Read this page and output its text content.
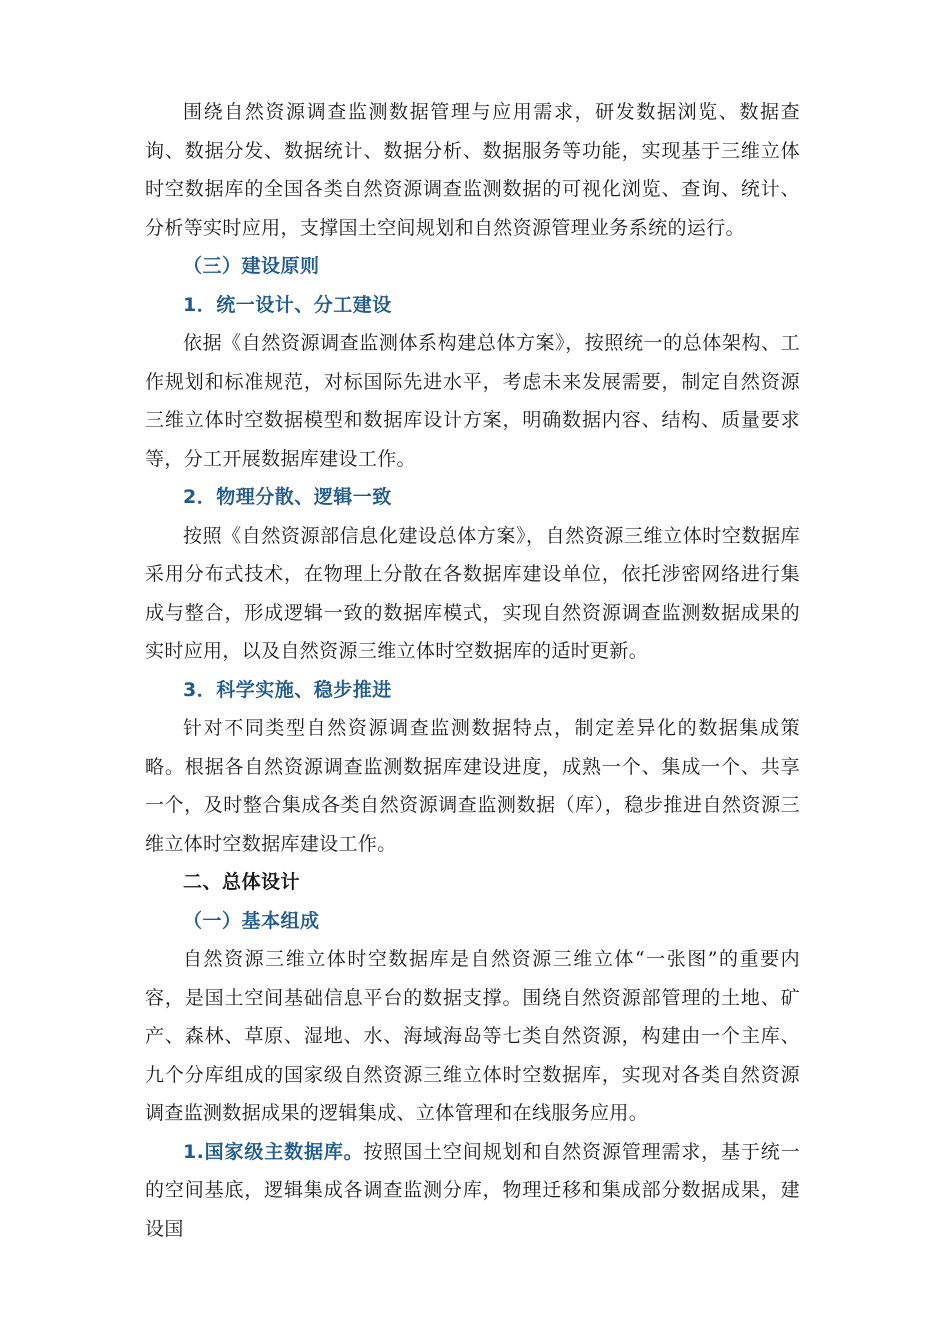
围绕自然资源调查监测数据管理与应用需求，研发数据浏览、数据查询、数据分发、数据统计、数据分析、数据服务等功能，实现基于三维立体时空数据库的全国各类自然资源调查监测数据的可视化浏览、查询、统计、分析等实时应用，支撑国土空间规划和自然资源管理业务系统的运行。

（三）建设原则

1．统一设计、分工建设

依据《自然资源调查监测体系构建总体方案》，按照统一的总体架构、工作规划和标准规范，对标国际先进水平，考虑未来发展需要，制定自然资源三维立体时空数据模型和数据库设计方案，明确数据内容、结构、质量要求等，分工开展数据库建设工作。

2．物理分散、逻辑一致

按照《自然资源部信息化建设总体方案》，自然资源三维立体时空数据库采用分布式技术，在物理上分散在各数据库建设单位，依托涉密网络进行集成与整合，形成逻辑一致的数据库模式，实现自然资源调查监测数据成果的实时应用，以及自然资源三维立体时空数据库的适时更新。

3．科学实施、稳步推进

针对不同类型自然资源调查监测数据特点，制定差异化的数据集成策略。根据各自然资源调查监测数据库建设进度，成熟一个、集成一个、共享一个，及时整合集成各类自然资源调查监测数据（库），稳步推进自然资源三维立体时空数据库建设工作。

二、总体设计

（一）基本组成

自然资源三维立体时空数据库是自然资源三维立体“一张图”的重要内容，是国土空间基础信息平台的数据支撑。围绕自然资源部管理的土地、矿产、森林、草原、湿地、水、海域海岛等七类自然资源，构建由一个主库、九个分库组成的国家级自然资源三维立体时空数据库，实现对各类自然资源调查监测数据成果的逻辑集成、立体管理和在线服务应用。

1.国家级主数据库。按照国土空间规划和自然资源管理需求，基于统一的空间基底，逻辑集成各调查监测分库，物理迁移和集成部分数据成果，建设国
